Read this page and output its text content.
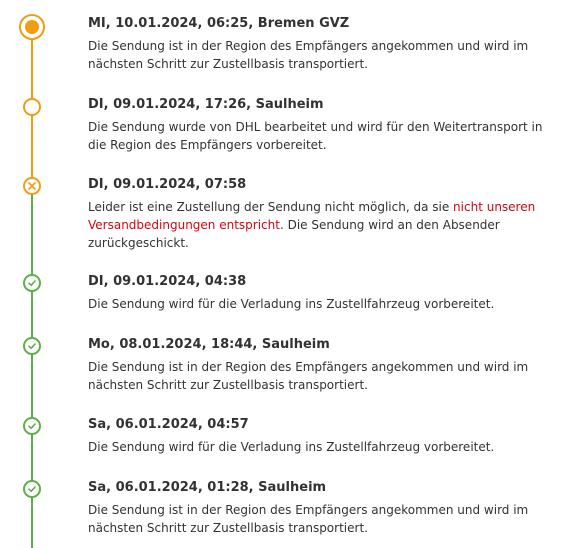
MI, 10.01.2024, 06:25, Bremen GVZ
Die Sendung ist in der Region des Empfängers angekommen und wird im nächsten Schritt zur Zustellbasis transportiert.
DI, 09.01.2024, 17:26, Saulheim
Die Sendung wurde von DHL bearbeitet und wird für den Weitertransport in die Region des Empfängers vorbereitet.
DI, 09.01.2024, 07:58
Leider ist eine Zustellung der Sendung nicht möglich, da sie nicht unseren Versandbedingungen entspricht. Die Sendung wird an den Absender zurückgeschickt.
DI, 09.01.2024, 04:38
Die Sendung wird für die Verladung ins Zustellfahrzeug vorbereitet.
Mo, 08.01.2024, 18:44, Saulheim
Die Sendung ist in der Region des Empfängers angekommen und wird im nächsten Schritt zur Zustellbasis transportiert.
Sa, 06.01.2024, 04:57
Die Sendung wird für die Verladung ins Zustellfahrzeug vorbereitet.
Sa, 06.01.2024, 01:28, Saulheim
Die Sendung ist in der Region des Empfängers angekommen und wird im nächsten Schritt zur Zustellbasis transportiert.
